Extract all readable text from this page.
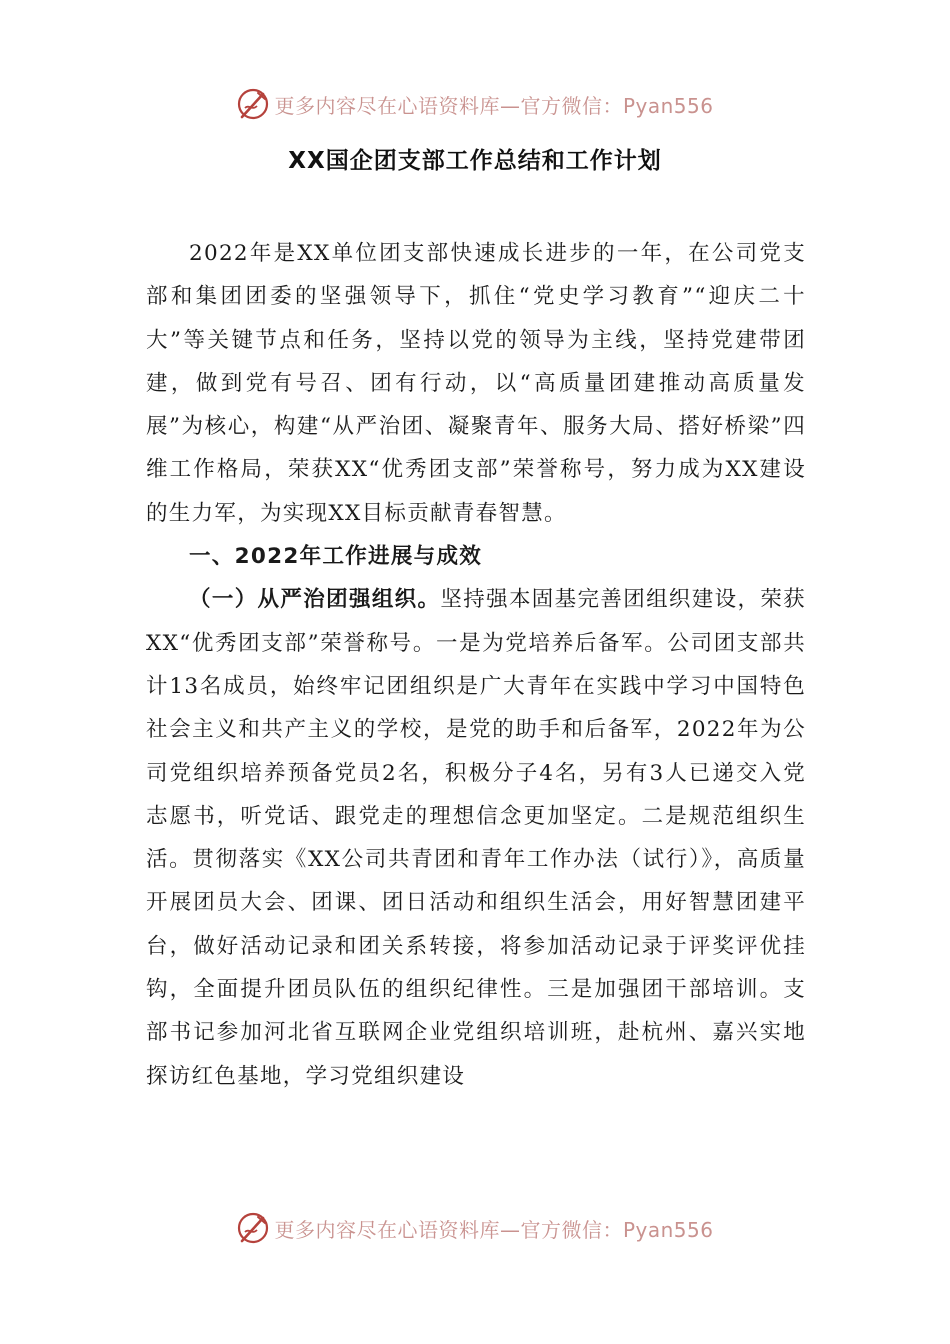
更多内容尽在心语资料库—官方微信：Pyan556
XX国企团支部工作总结和工作计划

2022年是XX单位团支部快速成长进步的一年，在公司党支部和集团团委的坚强领导下，抓住“党史学习教育”“迎庆二十大”等关键节点和任务，坚持以党的领导为主线，坚持党建带团建，做到党有号召、团有行动，以“高质量团建推动高质量发展”为核心，构建“从严治团、凝聚青年、服务大局、搭好桥梁”四维工作格局，荣获XX“优秀团支部”荣誉称号，努力成为XX建设的生力军，为实现XX目标贡献青春智慧。

一、2022年工作进展与成效

（一）从严治团强组织。坚持强本固基完善团组织建设，荣获XX“优秀团支部”荣誉称号。一是为党培养后备军。公司团支部共计13名成员，始终牢记团组织是广大青年在实践中学习中国特色社会主义和共产主义的学校，是党的助手和后备军，2022年为公司党组织培养预备党员2名，积极分子4名，另有3人已递交入党志愿书，听党话、跟党走的理想信念更加坚定。二是规范组织生活。贯彻落实《XX公司共青团和青年工作办法（试行）》，高质量开展团员大会、团课、团日活动和组织生活会，用好智慧团建平台，做好活动记录和团关系转接，将参加活动记录于评奖评优挂钩，全面提升团员队伍的组织纪律性。三是加强团干部培训。支部书记参加河北省互联网企业党组织培训班，赴杭州、嘉兴实地探访红色基地，学习党组织建设

更多内容尽在心语资料库—官方微信：Pyan556
